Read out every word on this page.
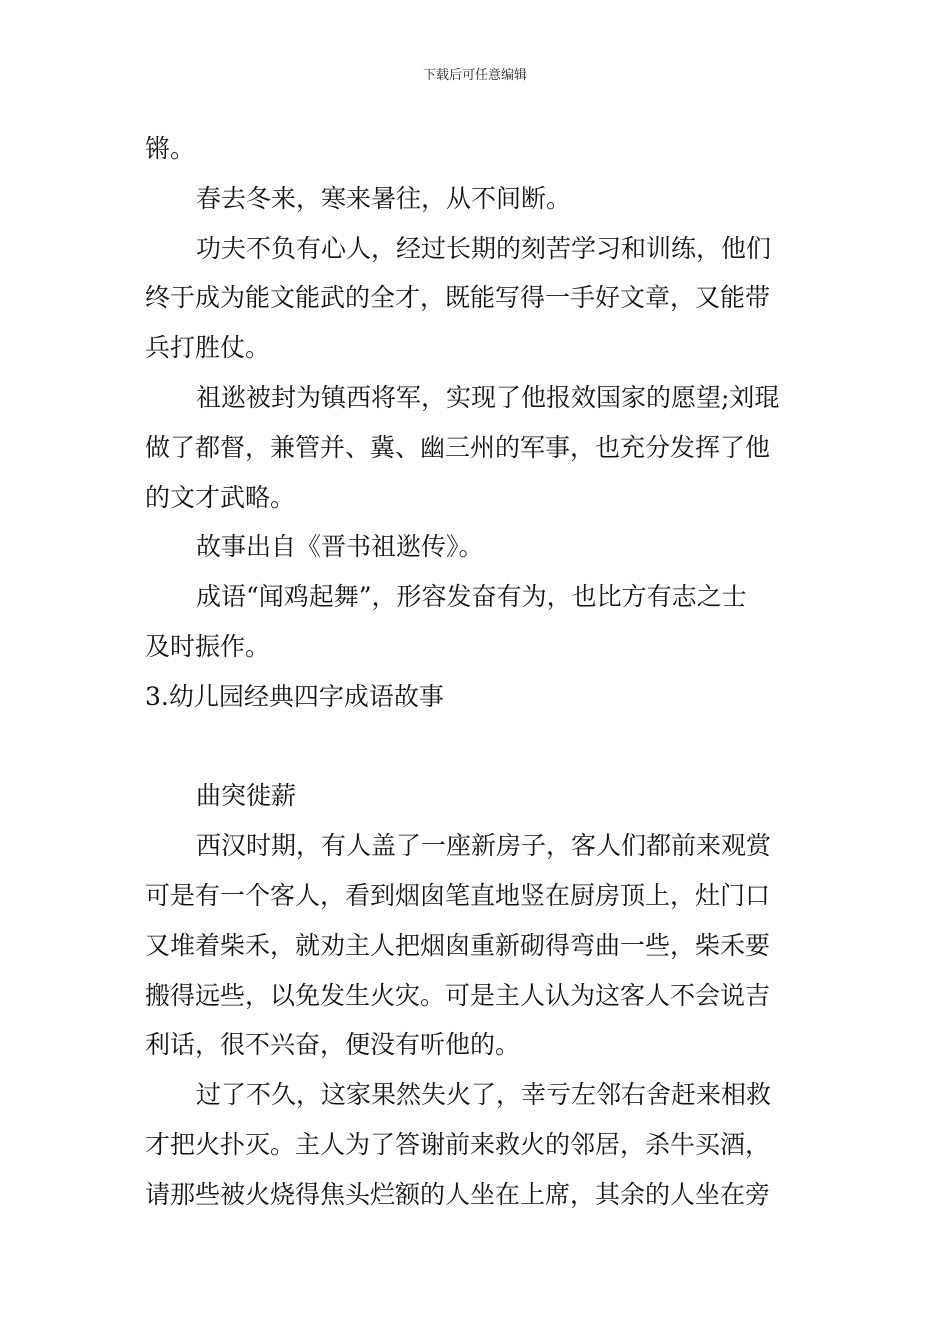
下载后可任意编辑
锵。
春去冬来，寒来暑往，从不间断。
功夫不负有心人，经过长期的刻苦学习和训练，他们
终于成为能文能武的全才，既能写得一手好文章，又能带
兵打胜仗。
祖逖被封为镇西将军，实现了他报效国家的愿望;刘琨
做了都督，兼管并、冀、幽三州的军事，也充分发挥了他
的文才武略。
故事出自《晋书祖逖传》。
成语“闻鸡起舞”，形容发奋有为，也比方有志之士
及时振作。
3.幼儿园经典四字成语故事
曲突徙薪
西汉时期，有人盖了一座新房子，客人们都前来观赏
可是有一个客人，看到烟囱笔直地竖在厨房顶上，灶门口
又堆着柴禾，就劝主人把烟囱重新砌得弯曲一些，柴禾要
搬得远些，以免发生火灾。可是主人认为这客人不会说吉
利话，很不兴奋，便没有听他的。
过了不久，这家果然失火了，幸亏左邻右舍赶来相救
才把火扑灭。主人为了答谢前来救火的邻居，杀牛买酒，
请那些被火烧得焦头烂额的人坐在上席，其余的人坐在旁
